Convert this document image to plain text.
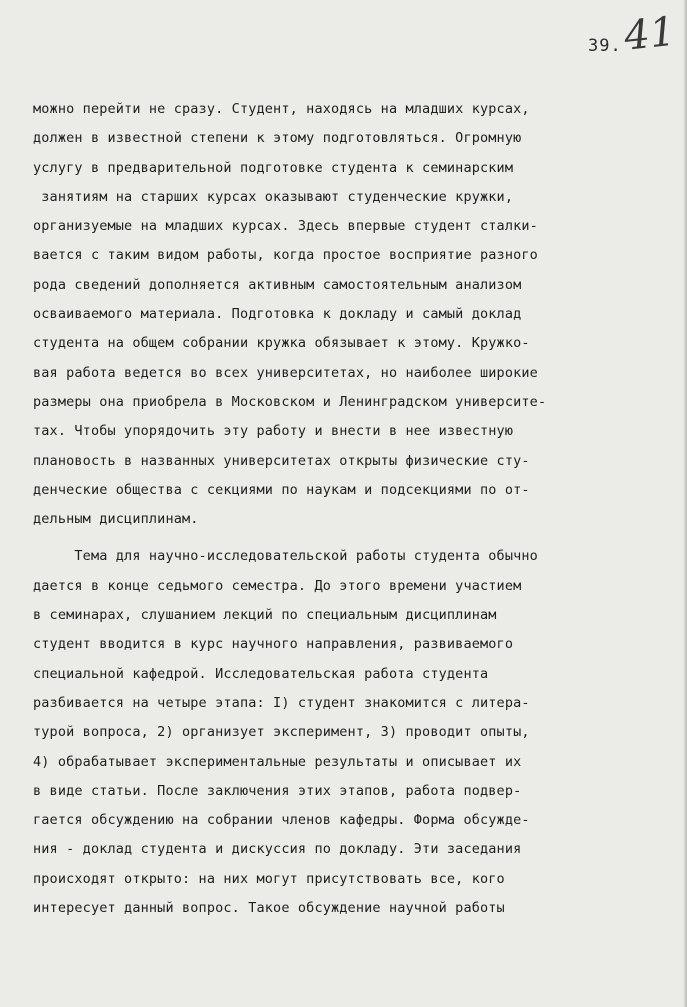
39. 41
можно перейти не сразу. Студент, находясь на младших курсах,
должен в известной степени к этому подготовляться. Огромную
услугу в предварительной подготовке студента к семинарским
занятиям на старших курсах оказывают студенческие кружки,
организуемые на младших курсах. Здесь впервые студент сталки-
вается с таким видом работы, когда простое восприятие разного
рода сведений дополняется активным самостоятельным анализом
осваиваемого материала. Подготовка к докладу и самый доклад
студента на общем собрании кружка обязывает к этому. Кружко-
вая работа ведется во всех университетах, но наиболее широкие
размеры она приобрела в Московском и Ленинградском университе-
тах. Чтобы упорядочить эту работу и внести в нее известную
плановость в названных университетах открыты физические сту-
денческие общества с секциями по наукам и подсекциями по от-
дельным дисциплинам.
Тема для научно-исследовательской работы студента обычно
дается в конце седьмого семестра. До этого времени участием
в семинарах, слушанием лекций по специальным дисциплинам
студент вводится в курс научного направления, развиваемого
специальной кафедрой. Исследовательская работа студента
разбивается на четыре этапа: I) студент знакомится с литера-
турой вопроса, 2) организует эксперимент, 3) проводит опыты,
4) обрабатывает экспериментальные результаты и описывает их
в виде статьи. После заключения этих этапов, работа подвер-
гается обсуждению на собрании членов кафедры. Форма обсужде-
ния - доклад студента и дискуссия по докладу. Эти заседания
происходят открыто: на них могут присутствовать все, кого
интересует данный вопрос. Такое обсуждение научной работы
